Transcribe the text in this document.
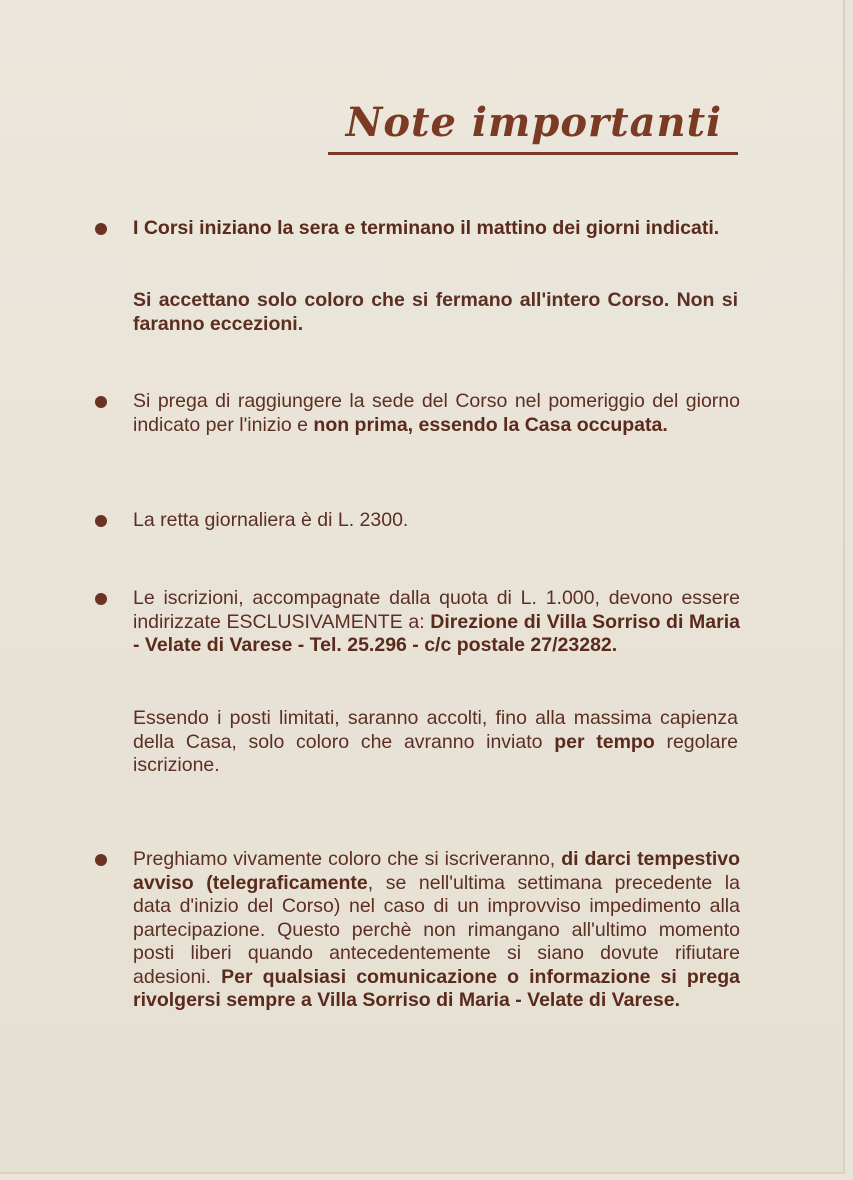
Note importanti
I Corsi iniziano la sera e terminano il mattino dei giorni indicati.
Si accettano solo coloro che si fermano all'intero Corso. Non si faranno eccezioni.
Si prega di raggiungere la sede del Corso nel pomeriggio del giorno indicato per l'inizio e non prima, essendo la Casa occupata.
La retta giornaliera è di L. 2300.
Le iscrizioni, accompagnate dalla quota di L. 1.000, devono essere indirizzate ESCLUSIVAMENTE a: Direzione di Villa Sorriso di Maria - Velate di Varese - Tel. 25.296 - c/c postale 27/23282.
Essendo i posti limitati, saranno accolti, fino alla massima capienza della Casa, solo coloro che avranno inviato per tempo regolare iscrizione.
Preghiamo vivamente coloro che si iscriveranno, di darci tempestivo avviso (telegraficamente, se nell'ultima settimana precedente la data d'inizio del Corso) nel caso di un improvviso impedimento alla partecipazione. Questo perchè non rimangano all'ultimo momento posti liberi quando antecedentemente si siano dovute rifiutare adesioni. Per qualsiasi comunicazione o informazione si prega rivolgersi sempre a Villa Sorriso di Maria - Velate di Varese.
